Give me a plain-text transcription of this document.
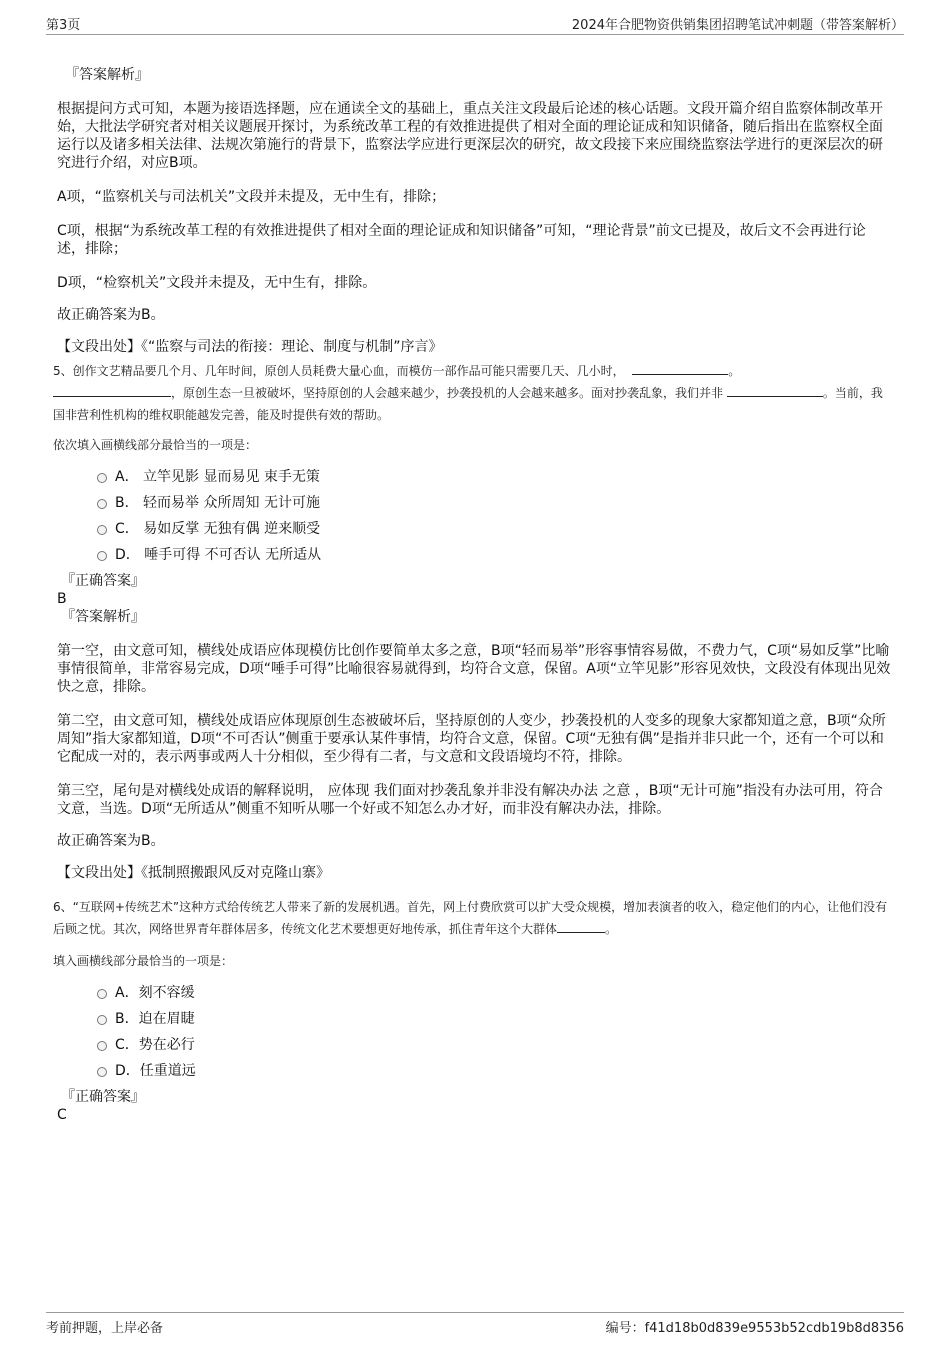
第3页	2024年合肥物资供销集团招聘笔试冲刺题（带答案解析）

『答案解析』

根据提问方式可知，本题为接语选择题，应在通读全文的基础上，重点关注文段最后论述的核心话题。文段开篇介绍自监察体制改革开始，大批法学研究者对相关议题展开探讨，为系统改革工程的有效推进提供了相对全面的理论证成和知识储备，随后指出在监察权全面运行以及诸多相关法律、法规次第施行的背景下，监察法学应进行更深层次的研究，故文段接下来应围绕监察法学进行的更深层次的研究进行介绍，对应B项。

A项，“监察机关与司法机关”文段并未提及，无中生有，排除；

C项，根据“为系统改革工程的有效推进提供了相对全面的理论证成和知识储备”可知，“理论背景”前文已提及，故后文不会再进行论述，排除；

D项，“检察机关”文段并未提及，无中生有，排除。

故正确答案为B。

【文段出处】《“监察与司法的衔接：理论、制度与机制”序言》

5、创作文艺精品要几个月、几年时间，原创人员耗费大量心血，而模仿一部作品可能只需要几天、几小时，	。
，原创生态一旦被破坏，坚持原创的人会越来越少，抄袭投机的人会越来越多。面对抄袭乱象，我们并非	。当前，我国非营利性机构的维权职能越发完善，能及时提供有效的帮助。

依次填入画横线部分最恰当的一项是：

A． 立竿见影 显而易见 束手无策
B． 轻而易举 众所周知 无计可施
C． 易如反掌 无独有偶 逆来顺受
D． 唾手可得 不可否认 无所适从

『正确答案』

B

『答案解析』

第一空，由文意可知，横线处成语应体现模仿比创作要简单太多之意，B项“轻而易举”形容事情容易做，不费力气，C项“易如反掌”比喻事情很简单，非常容易完成，D项“唾手可得”比喻很容易就得到，均符合文意，保留。A项“立竿见影”形容见效快，文段没有体现出见效快之意，排除。

第二空，由文意可知，横线处成语应体现原创生态被破坏后，坚持原创的人变少，抄袭投机的人变多的现象大家都知道之意，B项“众所周知”指大家都知道，D项“不可否认”侧重于要承认某件事情，均符合文意，保留。C项“无独有偶”是指并非只此一个，还有一个可以和它配成一对的，表示两事或两人十分相似，至少得有二者，与文意和文段语境均不符，排除。

第三空，尾句是对横线处成语的解释说明， 应体现 我们面对抄袭乱象并非没有解决办法 之意 ，B项“无计可施”指没有办法可用，符合文意，当选。D项“无所适从”侧重不知听从哪一个好或不知怎么办才好，而非没有解决办法，排除。

故正确答案为B。

【文段出处】《抵制照搬跟风反对克隆山寨》

6、“互联网+传统艺术”这种方式给传统艺人带来了新的发展机遇。首先，网上付费欣赏可以扩大受众规模，增加表演者的收入，稳定他们的内心，让他们没有后顾之忧。其次，网络世界青年群体居多，传统文化艺术要想更好地传承，抓住青年这个大群体	。

填入画横线部分最恰当的一项是：

A．刻不容缓
B．迫在眉睫
C．势在必行
D．任重道远

『正确答案』

C

考前押题，上岸必备	编号：f41d18b0d839e9553b52cdb19b8d8356
